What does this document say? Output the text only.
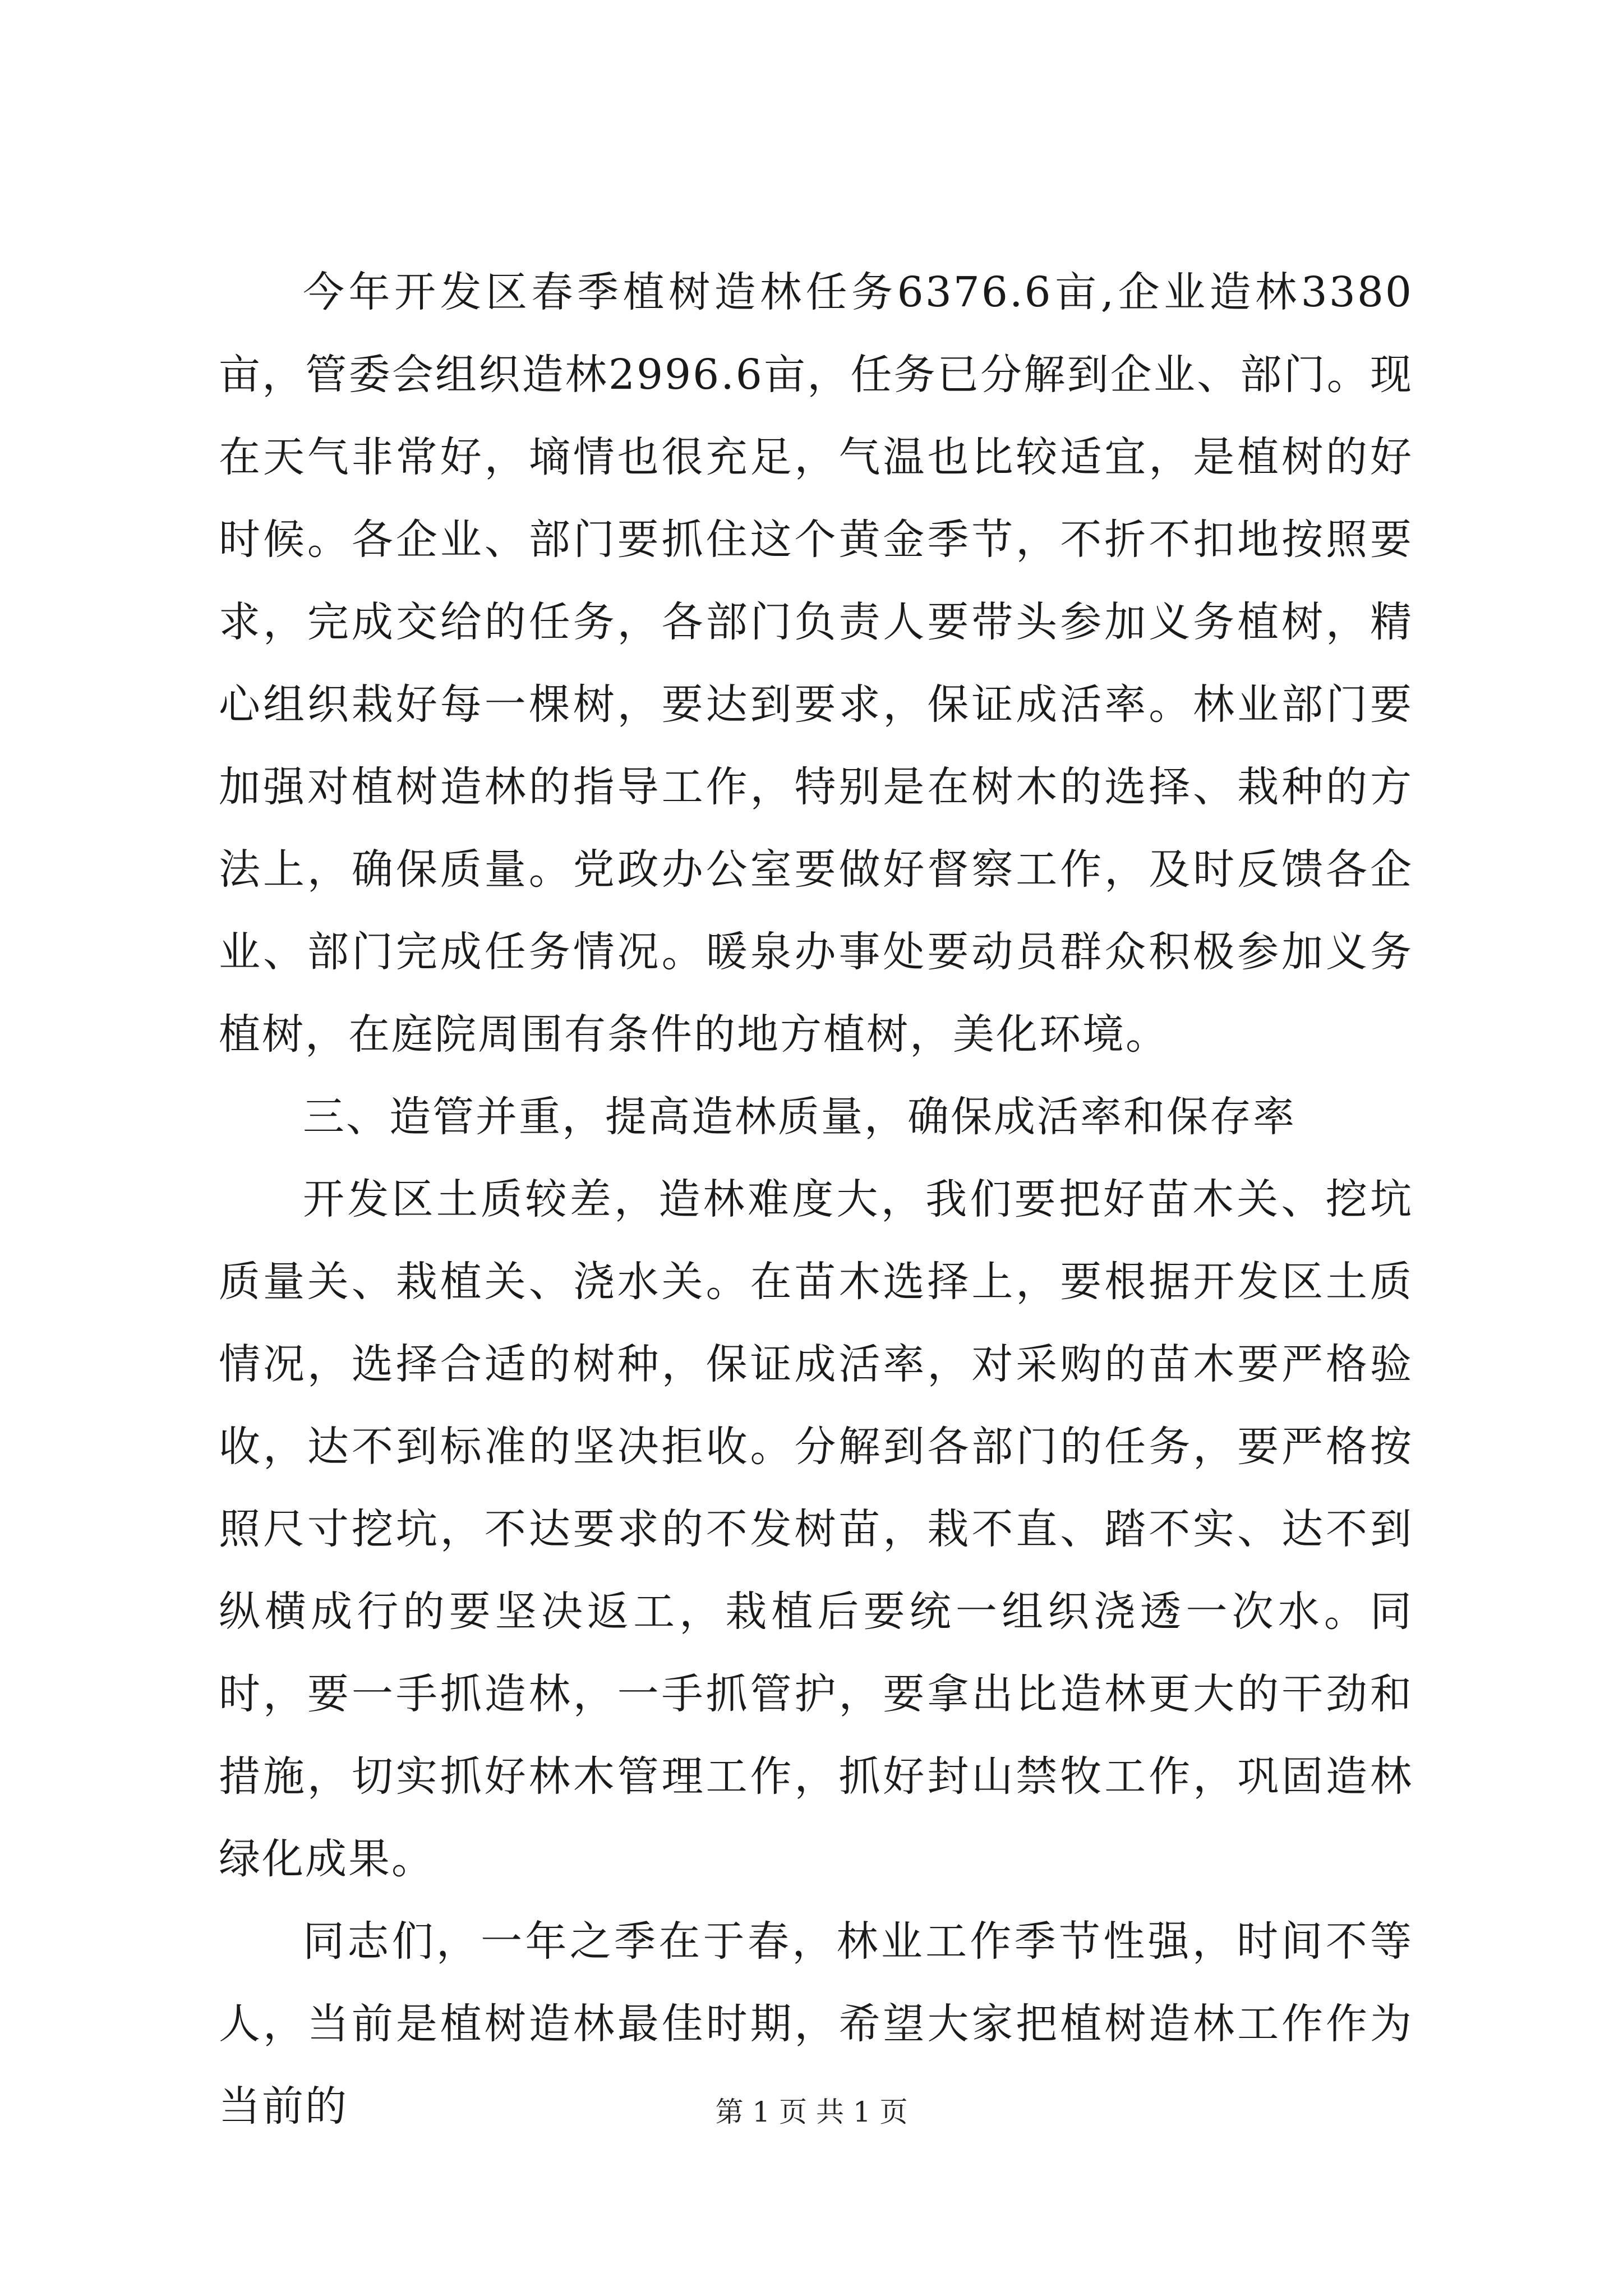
今年开发区春季植树造林任务6376.6亩,企业造林3380亩，管委会组织造林2996.6亩，任务已分解到企业、部门。现在天气非常好，墒情也很充足，气温也比较适宜，是植树的好时候。各企业、部门要抓住这个黄金季节，不折不扣地按照要求，完成交给的任务，各部门负责人要带头参加义务植树，精心组织栽好每一棵树，要达到要求，保证成活率。林业部门要加强对植树造林的指导工作，特别是在树木的选择、栽种的方法上，确保质量。党政办公室要做好督察工作，及时反馈各企业、部门完成任务情况。暖泉办事处要动员群众积极参加义务植树，在庭院周围有条件的地方植树，美化环境。

三、造管并重，提高造林质量，确保成活率和保存率

开发区土质较差，造林难度大，我们要把好苗木关、挖坑质量关、栽植关、浇水关。在苗木选择上，要根据开发区土质情况，选择合适的树种，保证成活率，对采购的苗木要严格验收，达不到标准的坚决拒收。分解到各部门的任务，要严格按照尺寸挖坑，不达要求的不发树苗，栽不直、踏不实、达不到纵横成行的要坚决返工，栽植后要统一组织浇透一次水。同时，要一手抓造林，一手抓管护，要拿出比造林更大的干劲和措施，切实抓好林木管理工作，抓好封山禁牧工作，巩固造林绿化成果。

同志们，一年之季在于春，林业工作季节性强，时间不等人，当前是植树造林最佳时期，希望大家把植树造林工作作为当前的	第 1 页 共 1 页
